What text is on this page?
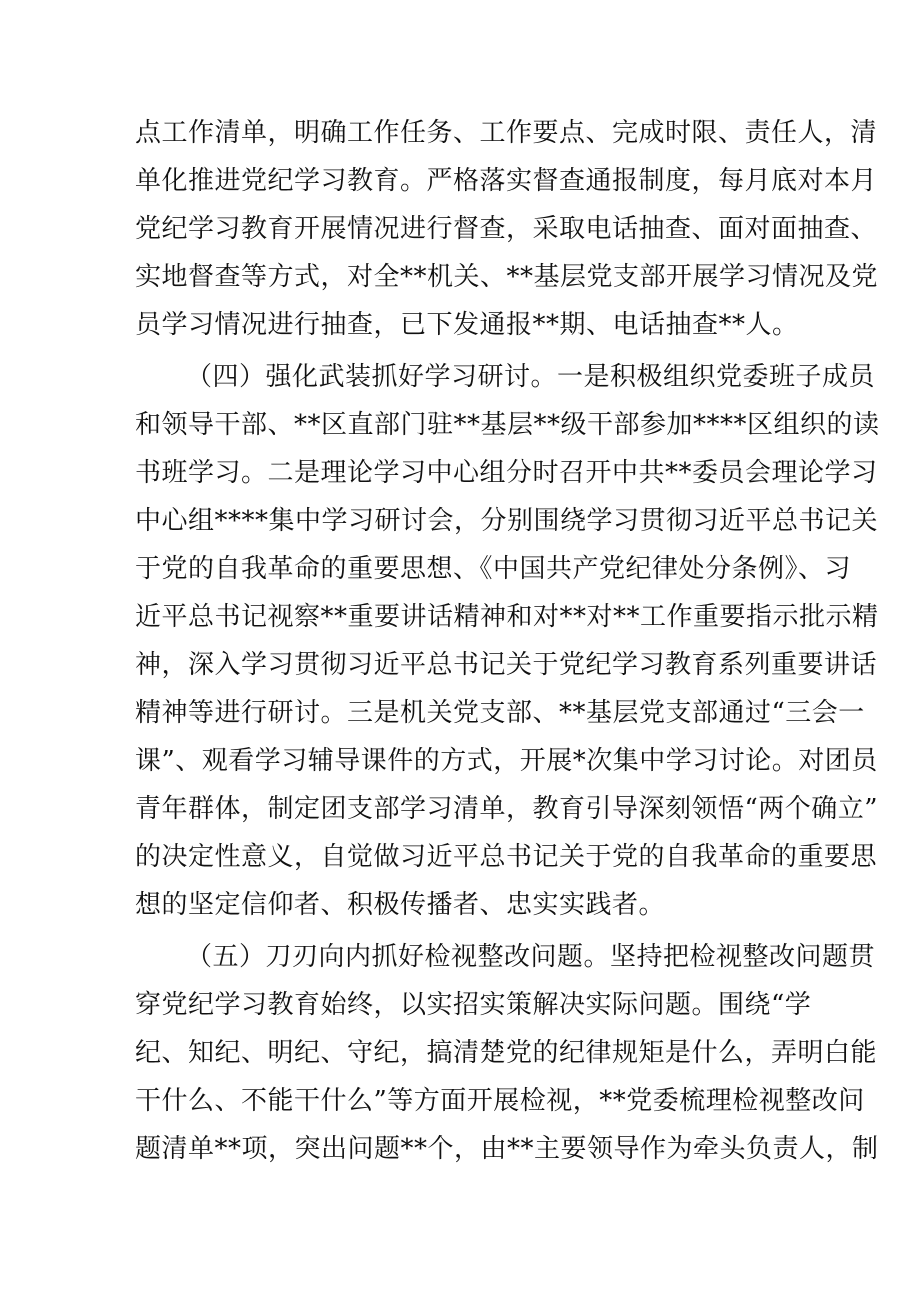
点工作清单，明确工作任务、工作要点、完成时限、责任人，清
单化推进党纪学习教育。严格落实督查通报制度，每月底对本月
党纪学习教育开展情况进行督查，采取电话抽查、面对面抽查、
实地督查等方式，对全**机关、**基层党支部开展学习情况及党
员学习情况进行抽查，已下发通报**期、电话抽查**人。
（四）强化武装抓好学习研讨。一是积极组织党委班子成员
和领导干部、**区直部门驻**基层**级干部参加****区组织的读
书班学习。二是理论学习中心组分时召开中共**委员会理论学习
中心组****集中学习研讨会，分别围绕学习贯彻习近平总书记关
于党的自我革命的重要思想、《中国共产党纪律处分条例》、习
近平总书记视察**重要讲话精神和对**对**工作重要指示批示精
神，深入学习贯彻习近平总书记关于党纪学习教育系列重要讲话
精神等进行研讨。三是机关党支部、**基层党支部通过“三会一
课”、观看学习辅导课件的方式，开展*次集中学习讨论。对团员
青年群体，制定团支部学习清单，教育引导深刻领悟“两个确立”
的决定性意义，自觉做习近平总书记关于党的自我革命的重要思
想的坚定信仰者、积极传播者、忠实实践者。
（五）刀刃向内抓好检视整改问题。坚持把检视整改问题贯
穿党纪学习教育始终，以实招实策解决实际问题。围绕“学
纪、知纪、明纪、守纪，搞清楚党的纪律规矩是什么，弄明白能
干什么、不能干什么”等方面开展检视，**党委梳理检视整改问
题清单**项，突出问题**个，由**主要领导作为牵头负责人，制
